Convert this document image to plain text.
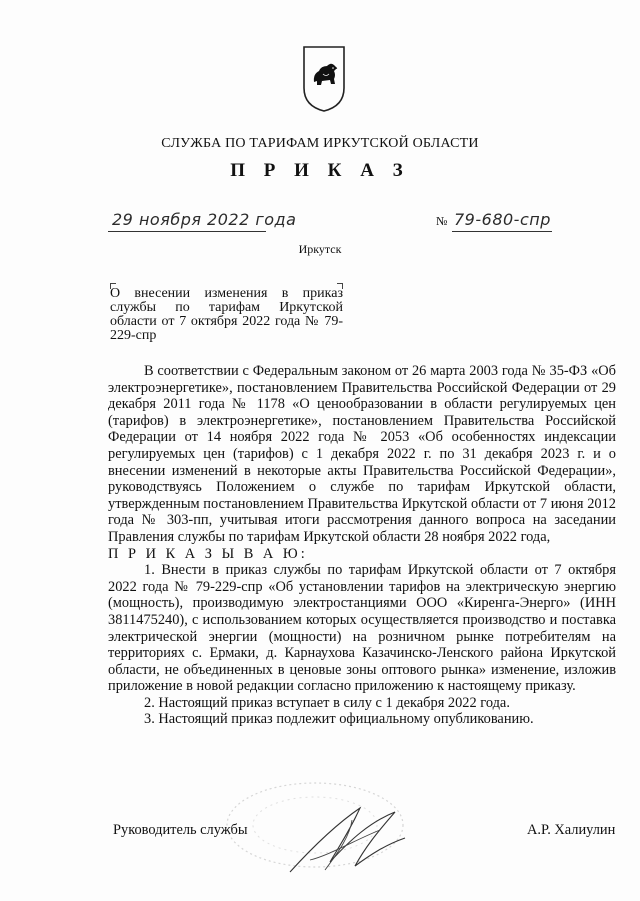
СЛУЖБА ПО ТАРИФАМ ИРКУТСКОЙ ОБЛАСТИ
П Р И К А З
29 ноября 2022 года	№ 79-680-спр
Иркутск
О внесении изменения в приказ службы по тарифам Иркутской области от 7 октября 2022 года № 79-229-спр

В соответствии с Федеральным законом от 26 марта 2003 года № 35-ФЗ «Об электроэнергетике», постановлением Правительства Российской Федерации от 29 декабря 2011 года № 1178 «О ценообразовании в области регулируемых цен (тарифов) в электроэнергетике», постановлением Правительства Российской Федерации от 14 ноября 2022 года № 2053 «Об особенностях индексации регулируемых цен (тарифов) с 1 декабря 2022 г. по 31 декабря 2023 г. и о внесении изменений в некоторые акты Правительства Российской Федерации», руководствуясь Положением о службе по тарифам Иркутской области, утвержденным постановлением Правительства Иркутской области от 7 июня 2012 года № 303-пп, учитывая итоги рассмотрения данного вопроса на заседании Правления службы по тарифам Иркутской области 28 ноября 2022 года,

П Р И К А З Ы В А Ю:

1. Внести в приказ службы по тарифам Иркутской области от 7 октября 2022 года № 79-229-спр «Об установлении тарифов на электрическую энергию (мощность), производимую электростанциями ООО «Киренга-Энерго» (ИНН 3811475240), с использованием которых осуществляется производство и поставка электрической энергии (мощности) на розничном рынке потребителям на территориях с. Ермаки, д. Карнаухова Казачинско-Ленского района Иркутской области, не объединенных в ценовые зоны оптового рынка» изменение, изложив приложение в новой редакции согласно приложению к настоящему приказу.

2. Настоящий приказ вступает в силу с 1 декабря 2022 года.

3. Настоящий приказ подлежит официальному опубликованию.

Руководитель службы	А.Р. Халиулин
